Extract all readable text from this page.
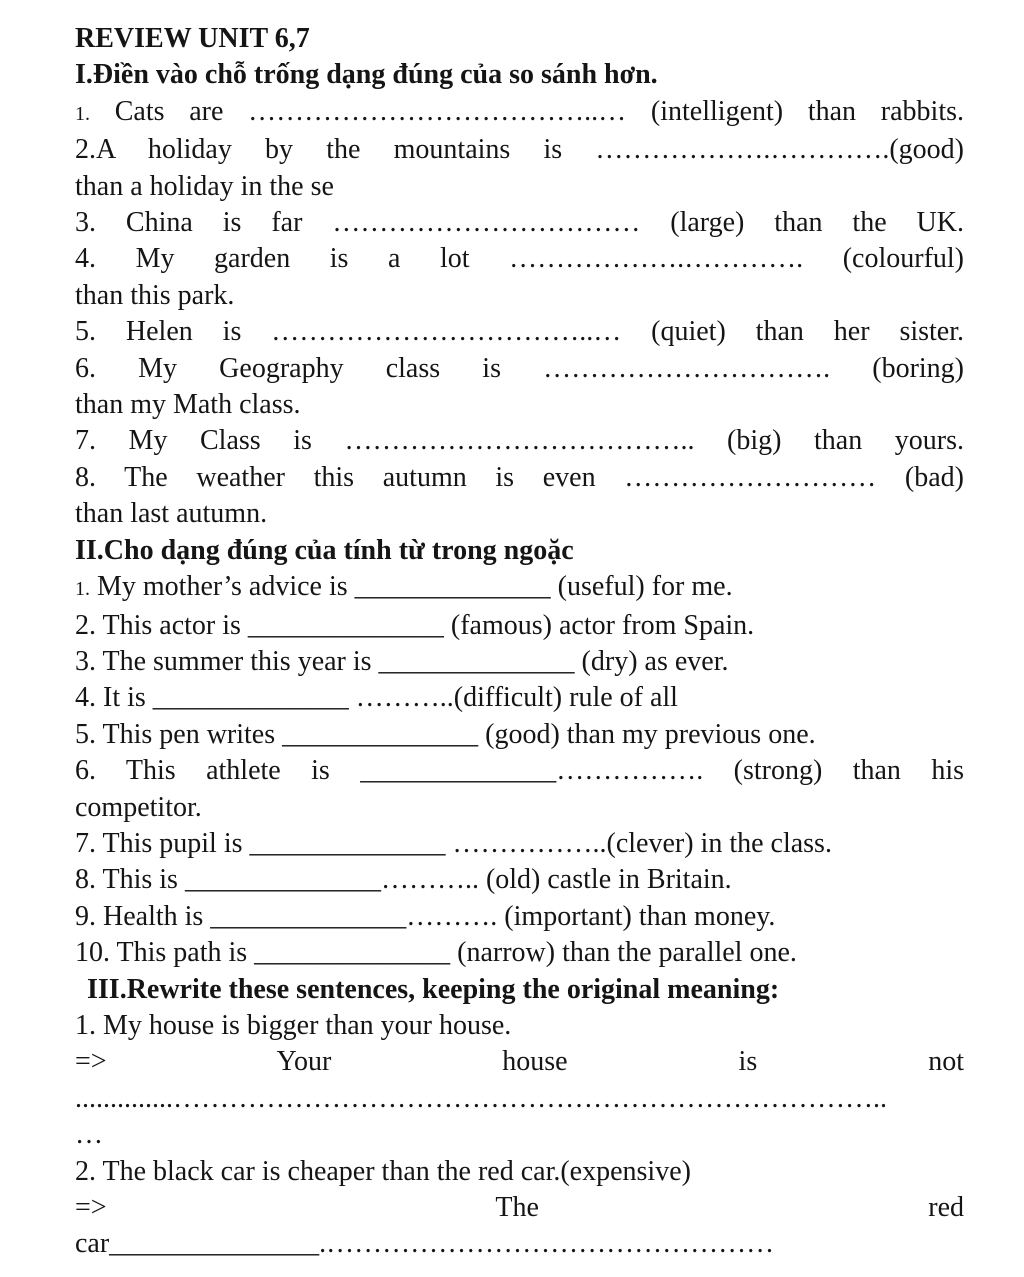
REVIEW UNIT 6,7
I.Điền vào chỗ trống dạng đúng của so sánh hơn.
1. Cats are ………………………………..… (intelligent) than rabbits.
2.A holiday by the mountains is ……………….………….(good)
than a holiday in the se
3. China is far …………………………… (large) than the UK.
4. My garden is a lot ……………….…………. (colourful)
than this park.
5. Helen is ……………………………..… (quiet) than her sister.
6. My Geography class is …………………………. (boring)
than my Math class.
7. My Class is ……………………………….. (big) than yours.
8. The weather this autumn is even ……………………… (bad)
than last autumn.
II.Cho dạng đúng của tính từ trong ngoặc
1. My mother’s advice is ______________ (useful) for me.
2. This actor is ______________ (famous) actor from Spain.
3. The summer this year is ______________ (dry) as ever.
4. It is ______________ ………..(difficult) rule of all
5. This pen writes ______________ (good) than my previous one.
6. This athlete is ______________……………. (strong) than his
competitor.
7. This pupil is ______________ ……………..(clever) in the class.
8. This is ______________……….. (old) castle in Britain.
9. Health is ______________………. (important) than money.
10. This path is ______________ (narrow) than the parallel one.
III.Rewrite these sentences, keeping the original meaning:
1. My house is bigger than your house.
=> Your house is not
..............…………………………………………………………………..
…
2. The black car is cheaper than the red car.(expensive)
=> The red
car_______________.…………………………………………
